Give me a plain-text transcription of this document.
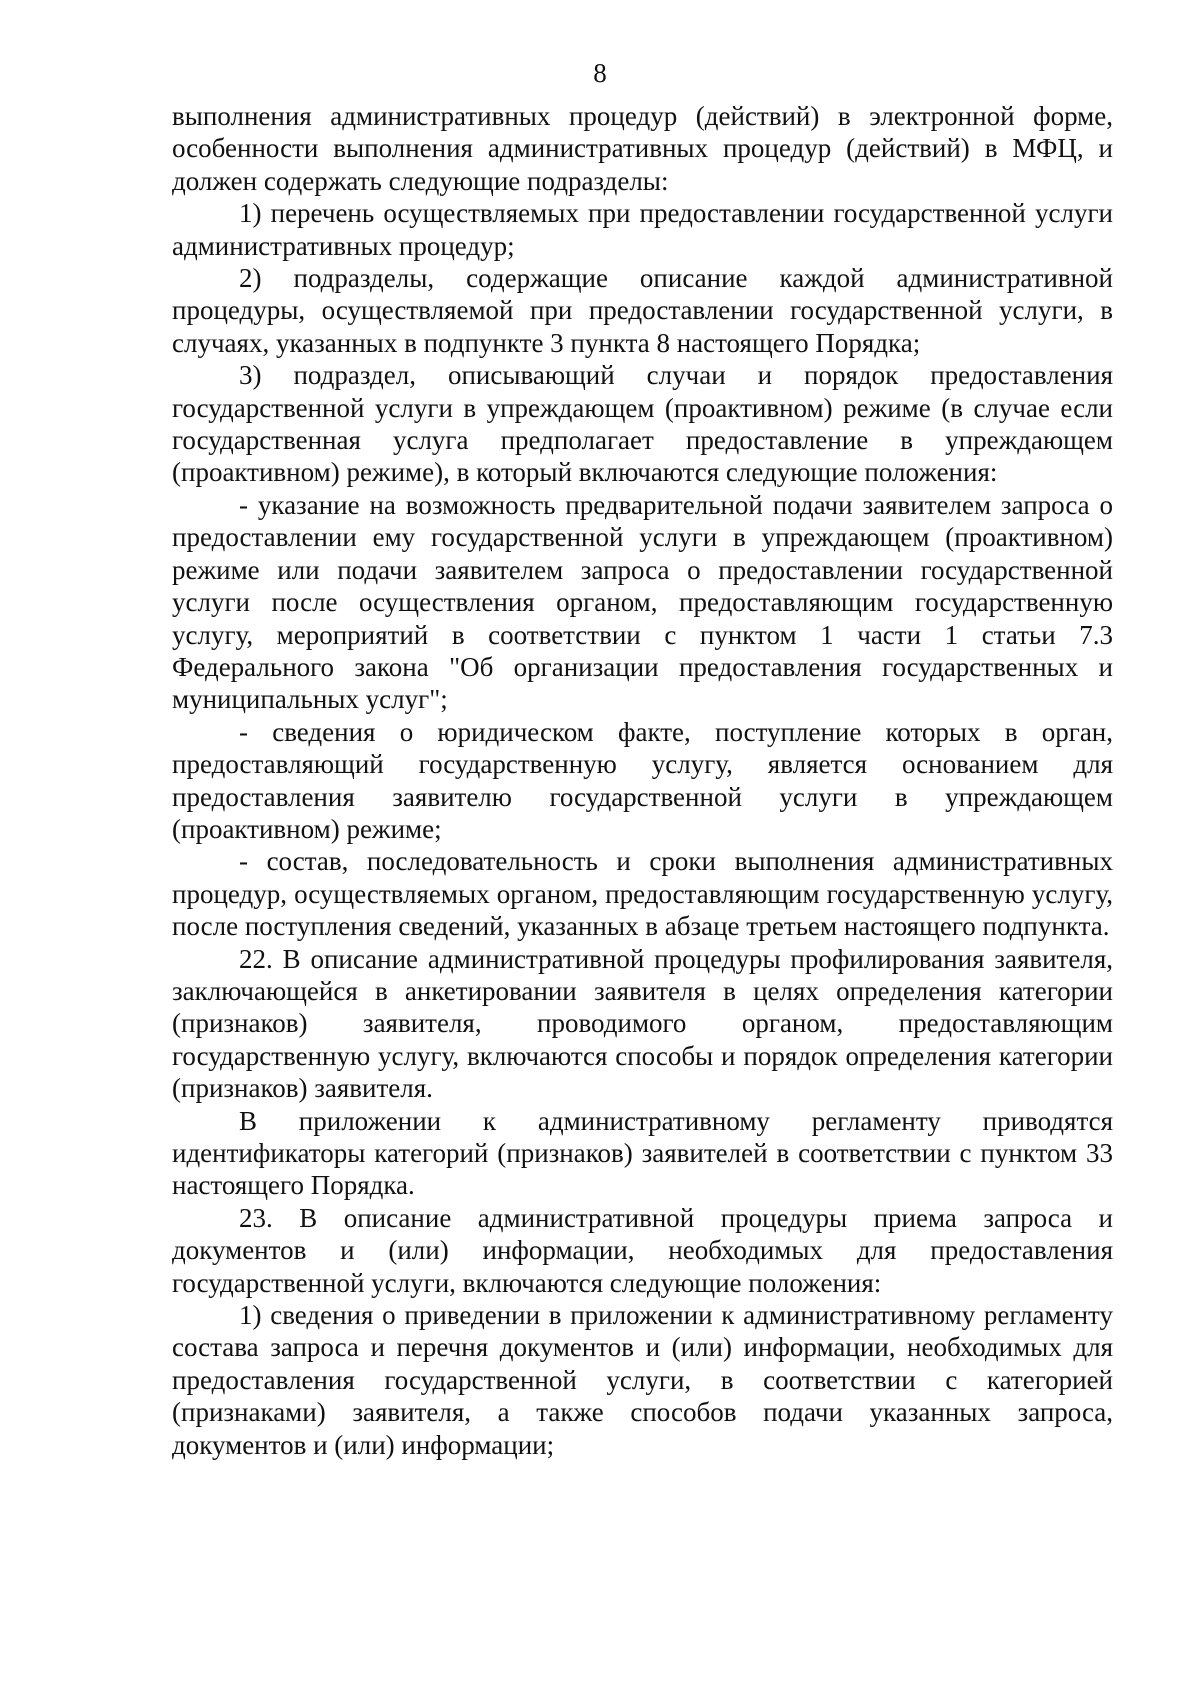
8

выполнения административных процедур (действий) в электронной форме, особенности выполнения административных процедур (действий) в МФЦ, и должен содержать следующие подразделы:

1) перечень осуществляемых при предоставлении государственной услуги административных процедур;

2) подразделы, содержащие описание каждой административной процедуры, осуществляемой при предоставлении государственной услуги, в случаях, указанных в подпункте 3 пункта 8 настоящего Порядка;

3) подраздел, описывающий случаи и порядок предоставления государственной услуги в упреждающем (проактивном) режиме (в случае если государственная услуга предполагает предоставление в упреждающем (проактивном) режиме), в который включаются следующие положения:

- указание на возможность предварительной подачи заявителем запроса о предоставлении ему государственной услуги в упреждающем (проактивном) режиме или подачи заявителем запроса о предоставлении государственной услуги после осуществления органом, предоставляющим государственную услугу, мероприятий в соответствии с пунктом 1 части 1 статьи 7.3 Федерального закона "Об организации предоставления государственных и муниципальных услуг";

- сведения о юридическом факте, поступление которых в орган, предоставляющий государственную услугу, является основанием для предоставления заявителю государственной услуги в упреждающем (проактивном) режиме;

- состав, последовательность и сроки выполнения административных процедур, осуществляемых органом, предоставляющим государственную услугу, после поступления сведений, указанных в абзаце третьем настоящего подпункта.

22. В описание административной процедуры профилирования заявителя, заключающейся в анкетировании заявителя в целях определения категории (признаков) заявителя, проводимого органом, предоставляющим государственную услугу, включаются способы и порядок определения категории (признаков) заявителя.

В приложении к административному регламенту приводятся идентификаторы категорий (признаков) заявителей в соответствии с пунктом 33 настоящего Порядка.

23. В описание административной процедуры приема запроса и документов и (или) информации, необходимых для предоставления государственной услуги, включаются следующие положения:

1) сведения о приведении в приложении к административному регламенту состава запроса и перечня документов и (или) информации, необходимых для предоставления государственной услуги, в соответствии с категорией (признаками) заявителя, а также способов подачи указанных запроса, документов и (или) информации;
